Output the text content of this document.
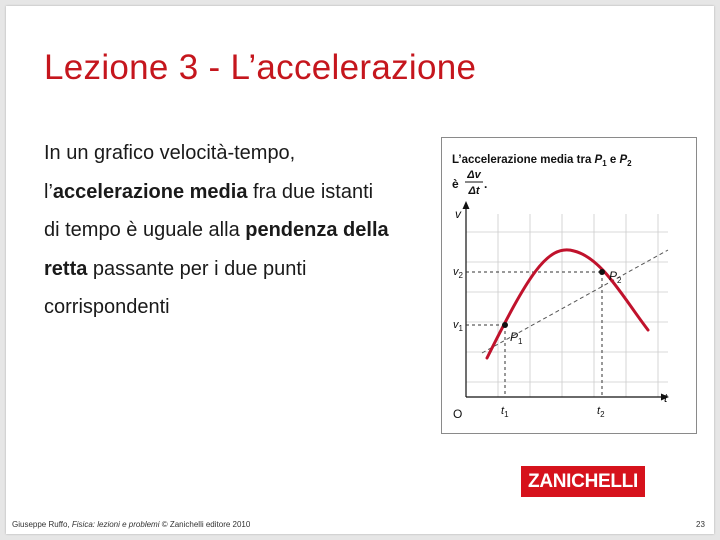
Lezione 3 - L’accelerazione
In un grafico velocità-tempo, l’accelerazione media fra due istanti di tempo è uguale alla pendenza della retta passante per i due punti corrispondenti
L’accelerazione media tra $P_1$ e $P_2$
è
Δv
Δt .
v
t
O
$v_2$
$v_1$
$t_1$	$t_2$
$P_1$
$P_2$
ZANICHELLI
Giuseppe Ruffo, Fisica: lezioni e problemi © Zanichelli editore 2010	23
